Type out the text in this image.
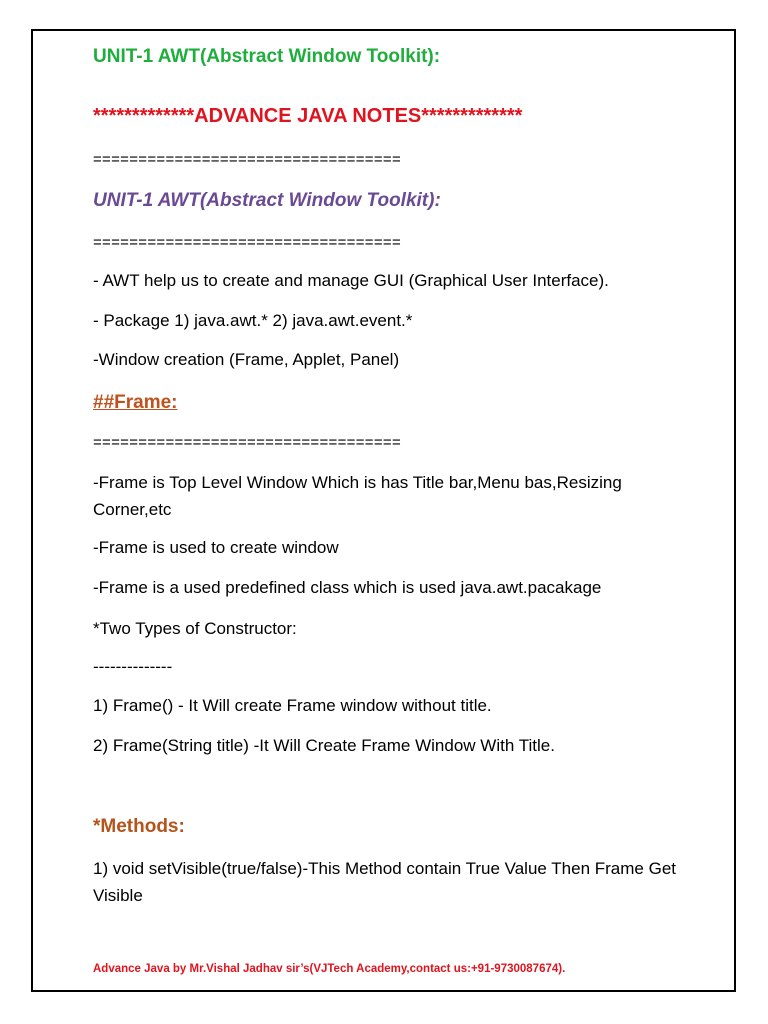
UNIT-1 AWT(Abstract Window Toolkit):
*************ADVANCE JAVA NOTES*************
==================================
UNIT-1 AWT(Abstract Window Toolkit):
==================================
- AWT help us to create and manage GUI (Graphical User Interface).
- Package 1) java.awt.* 2) java.awt.event.*
-Window creation (Frame, Applet, Panel)
##Frame:
==================================
-Frame is Top Level Window Which is has Title bar,Menu bas,Resizing Corner,etc
-Frame is used to create window
-Frame is a used predefined class which is used java.awt.pacakage
*Two Types of Constructor:
--------------
1) Frame() - It Will create Frame window without title.
2) Frame(String title) -It Will Create Frame Window With Title.
*Methods:
1) void setVisible(true/false)-This Method contain True Value Then Frame Get Visible
Advance Java by Mr.Vishal Jadhav sir’s(VJTech Academy,contact us:+91-9730087674).
